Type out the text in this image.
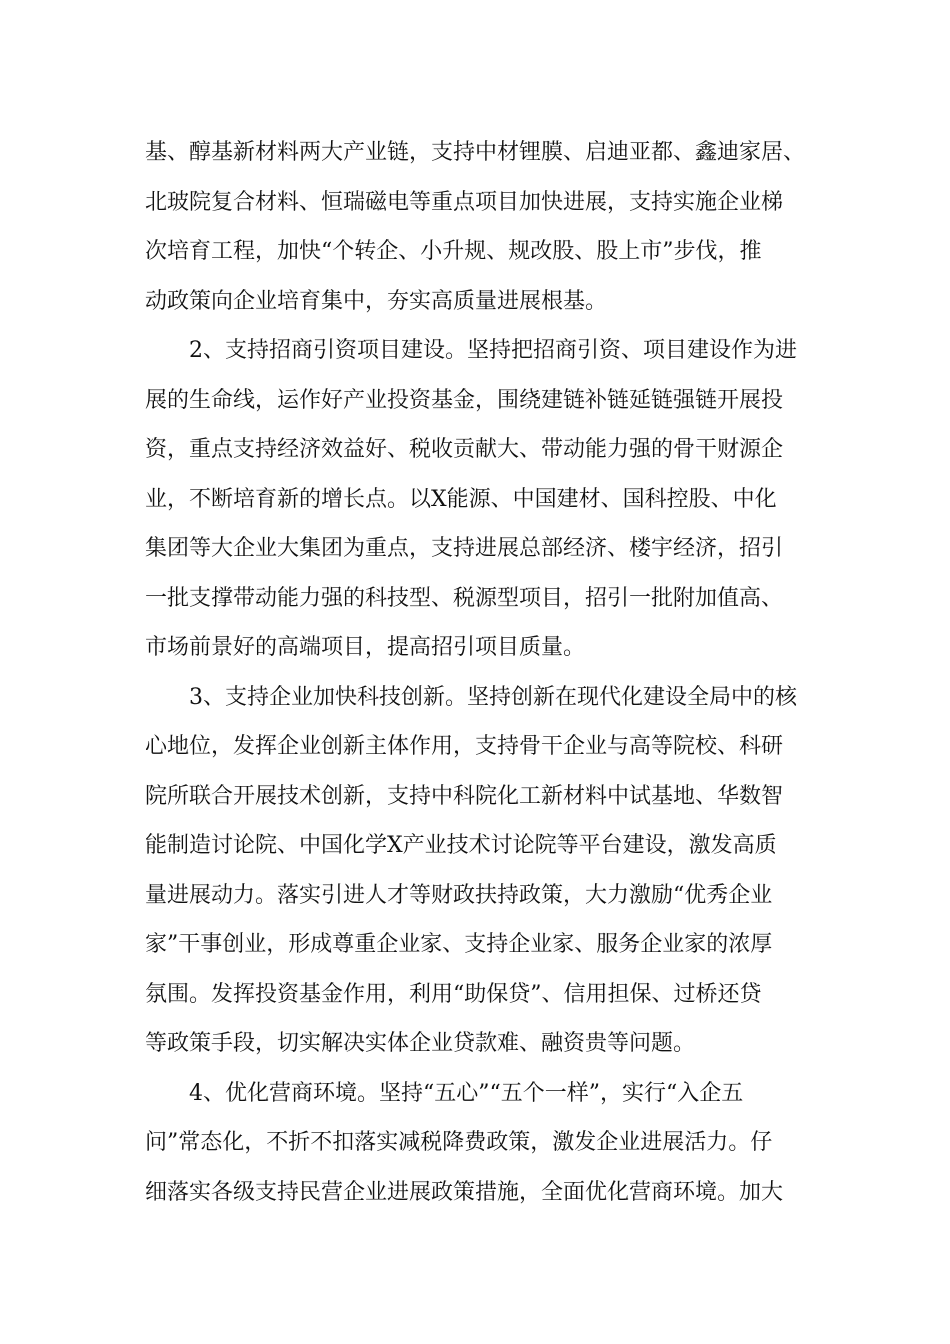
基、醇基新材料两大产业链，支持中材锂膜、启迪亚都、鑫迪家居、
北玻院复合材料、恒瑞磁电等重点项目加快进展，支持实施企业梯
次培育工程，加快“个转企、小升规、规改股、股上市”步伐，推
动政策向企业培育集中，夯实高质量进展根基。
2、支持招商引资项目建设。坚持把招商引资、项目建设作为进
展的生命线，运作好产业投资基金，围绕建链补链延链强链开展投
资，重点支持经济效益好、税收贡献大、带动能力强的骨干财源企
业，不断培育新的增长点。以X能源、中国建材、国科控股、中化
集团等大企业大集团为重点，支持进展总部经济、楼宇经济，招引
一批支撑带动能力强的科技型、税源型项目，招引一批附加值高、
市场前景好的高端项目，提高招引项目质量。
3、支持企业加快科技创新。坚持创新在现代化建设全局中的核
心地位，发挥企业创新主体作用，支持骨干企业与高等院校、科研
院所联合开展技术创新，支持中科院化工新材料中试基地、华数智
能制造讨论院、中国化学X产业技术讨论院等平台建设，激发高质
量进展动力。落实引进人才等财政扶持政策，大力激励“优秀企业
家”干事创业，形成尊重企业家、支持企业家、服务企业家的浓厚
氛围。发挥投资基金作用，利用“助保贷”、信用担保、过桥还贷
等政策手段，切实解决实体企业贷款难、融资贵等问题。
4、优化营商环境。坚持“五心”“五个一样”，实行“入企五
问”常态化，不折不扣落实减税降费政策，激发企业进展活力。仔
细落实各级支持民营企业进展政策措施，全面优化营商环境。加大
